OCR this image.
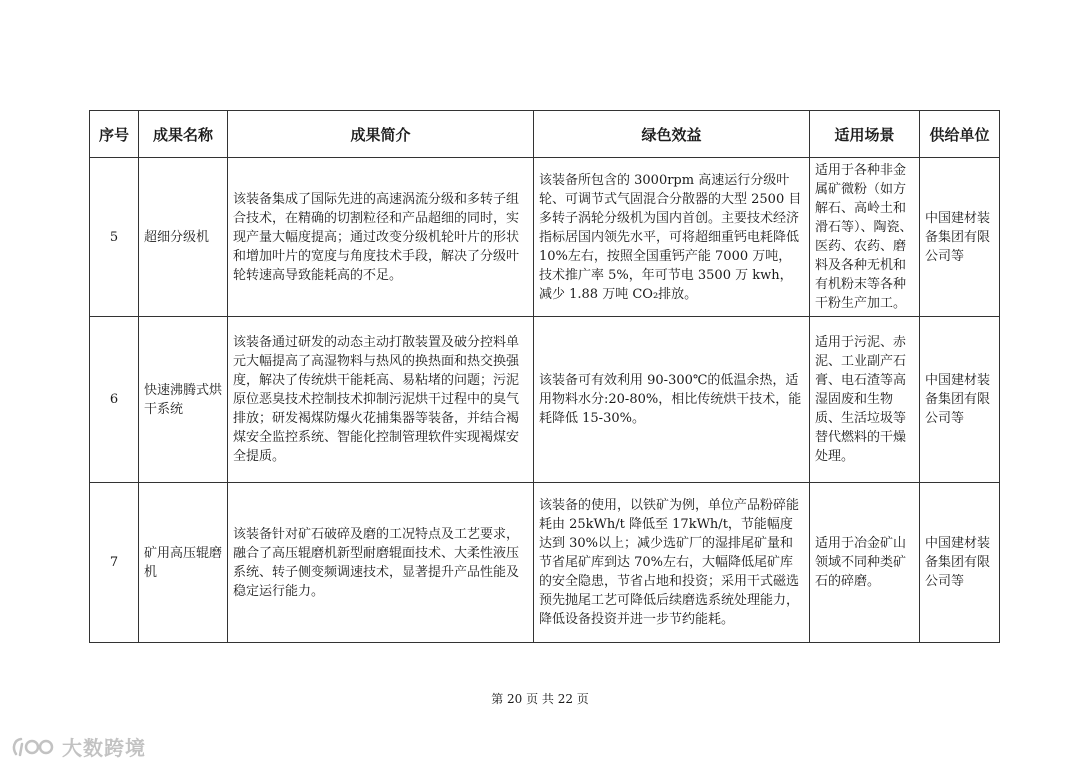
序号	成果名称	成果简介	绿色效益	适用场景	供给单位
5	超细分级机	该装备集成了国际先进的高速涡流分级和多转子组合技术，在精确的切割粒径和产品超细的同时，实现产量大幅度提高；通过改变分级机轮叶片的形状和增加叶片的宽度与角度技术手段，解决了分级叶轮转速高导致能耗高的不足。	该装备所包含的 3000rpm 高速运行分级叶轮、可调节式气固混合分散器的大型 2500 目多转子涡轮分级机为国内首创。主要技术经济指标居国内领先水平，可将超细重钙电耗降低 10%左右，按照全国重钙产能 7000 万吨，技术推广率 5%，年可节电 3500 万 kwh，减少 1.88 万吨 CO₂排放。	适用于各种非金属矿微粉（如方解石、高岭土和滑石等）、陶瓷、医药、农药、磨料及各种无机和有机粉末等各种干粉生产加工。	中国建材装备集团有限公司等
6	快速沸腾式烘干系统	该装备通过研发的动态主动打散装置及破分控料单元大幅提高了高湿物料与热风的换热面和热交换强度，解决了传统烘干能耗高、易粘堵的问题；污泥原位恶臭技术控制技术抑制污泥烘干过程中的臭气排放；研发褐煤防爆火花捕集器等装备，并结合褐煤安全监控系统、智能化控制管理软件实现褐煤安全提质。	该装备可有效利用 90-300℃的低温余热，适用物料水分:20-80%，相比传统烘干技术，能耗降低 15-30%。	适用于污泥、赤泥、工业副产石膏、电石渣等高湿固废和生物质、生活垃圾等替代燃料的干燥处理。	中国建材装备集团有限公司等
7	矿用高压辊磨机	该装备针对矿石破碎及磨的工况特点及工艺要求，融合了高压辊磨机新型耐磨辊面技术、大柔性液压系统、转子侧变频调速技术，显著提升产品性能及稳定运行能力。	该装备的使用，以铁矿为例，单位产品粉碎能耗由 25kWh/t 降低至 17kWh/t，节能幅度达到 30%以上；减少选矿厂的湿排尾矿量和节省尾矿库到达 70%左右，大幅降低尾矿库的安全隐患，节省占地和投资；采用干式磁选预先抛尾工艺可降低后续磨选系统处理能力，降低设备投资并进一步节约能耗。	适用于冶金矿山领域不同种类矿石的碎磨。	中国建材装备集团有限公司等
第 20 页 共 22 页
大数跨境
